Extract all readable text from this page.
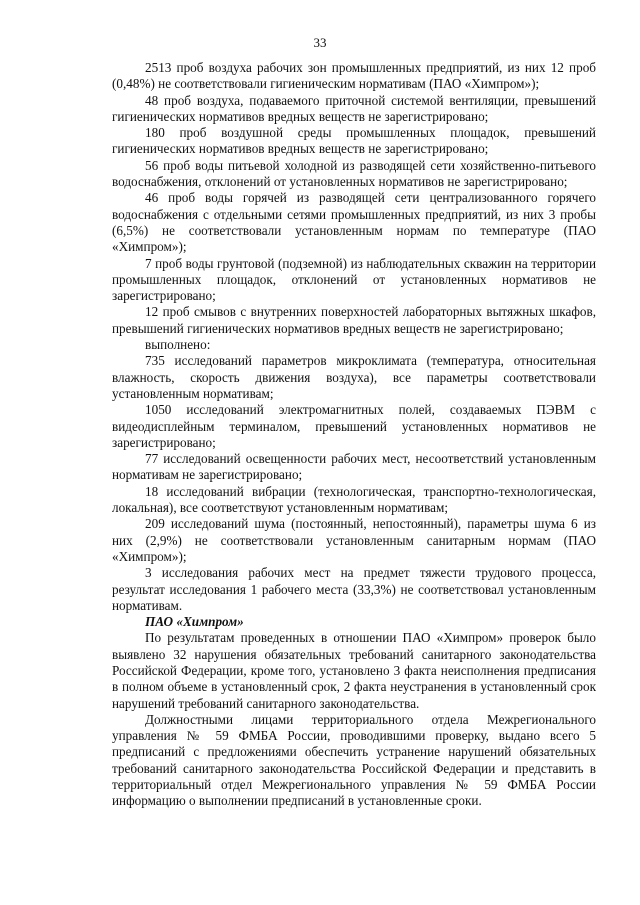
33

2513 проб воздуха рабочих зон промышленных предприятий, из них 12 проб (0,48%) не соответствовали гигиеническим нормативам (ПАО «Химпром»);

48 проб воздуха, подаваемого приточной системой вентиляции, превышений гигиенических нормативов вредных веществ не зарегистрировано;

180 проб воздушной среды промышленных площадок, превышений гигиенических нормативов вредных веществ не зарегистрировано;

56 проб воды питьевой холодной из разводящей сети хозяйственно-питьевого водоснабжения, отклонений от установленных нормативов не зарегистрировано;

46 проб воды горячей из разводящей сети централизованного горячего водоснабжения с отдельными сетями промышленных предприятий, из них 3 пробы (6,5%) не соответствовали установленным нормам по температуре (ПАО «Химпром»);

7 проб воды грунтовой (подземной) из наблюдательных скважин на территории промышленных площадок, отклонений от установленных нормативов не зарегистрировано;

12 проб смывов с внутренних поверхностей лабораторных вытяжных шкафов, превышений гигиенических нормативов вредных веществ не зарегистрировано;

выполнено:

735 исследований параметров микроклимата (температура, относительная влажность, скорость движения воздуха), все параметры соответствовали установленным нормативам;

1050 исследований электромагнитных полей, создаваемых ПЭВМ с видеодисплейным терминалом, превышений установленных нормативов не зарегистрировано;

77 исследований освещенности рабочих мест, несоответствий установленным нормативам не зарегистрировано;

18 исследований вибрации (технологическая, транспортно-технологическая, локальная), все соответствуют установленным нормативам;

209 исследований шума (постоянный, непостоянный), параметры шума 6 из них (2,9%) не соответствовали установленным санитарным нормам (ПАО «Химпром»);

3 исследования рабочих мест на предмет тяжести трудового процесса, результат исследования 1 рабочего места (33,3%) не соответствовал установленным нормативам.

ПАО «Химпром»

По результатам проведенных в отношении ПАО «Химпром» проверок было выявлено 32 нарушения обязательных требований санитарного законодательства Российской Федерации, кроме того, установлено 3 факта неисполнения предписания в полном объеме в установленный срок, 2 факта неустранения в установленный срок нарушений требований санитарного законодательства.

Должностными лицами территориального отдела Межрегионального управления № 59 ФМБА России, проводившими проверку, выдано всего 5 предписаний с предложениями обеспечить устранение нарушений обязательных требований санитарного законодательства Российской Федерации и представить в территориальный отдел Межрегионального управления № 59 ФМБА России информацию о выполнении предписаний в установленные сроки.
